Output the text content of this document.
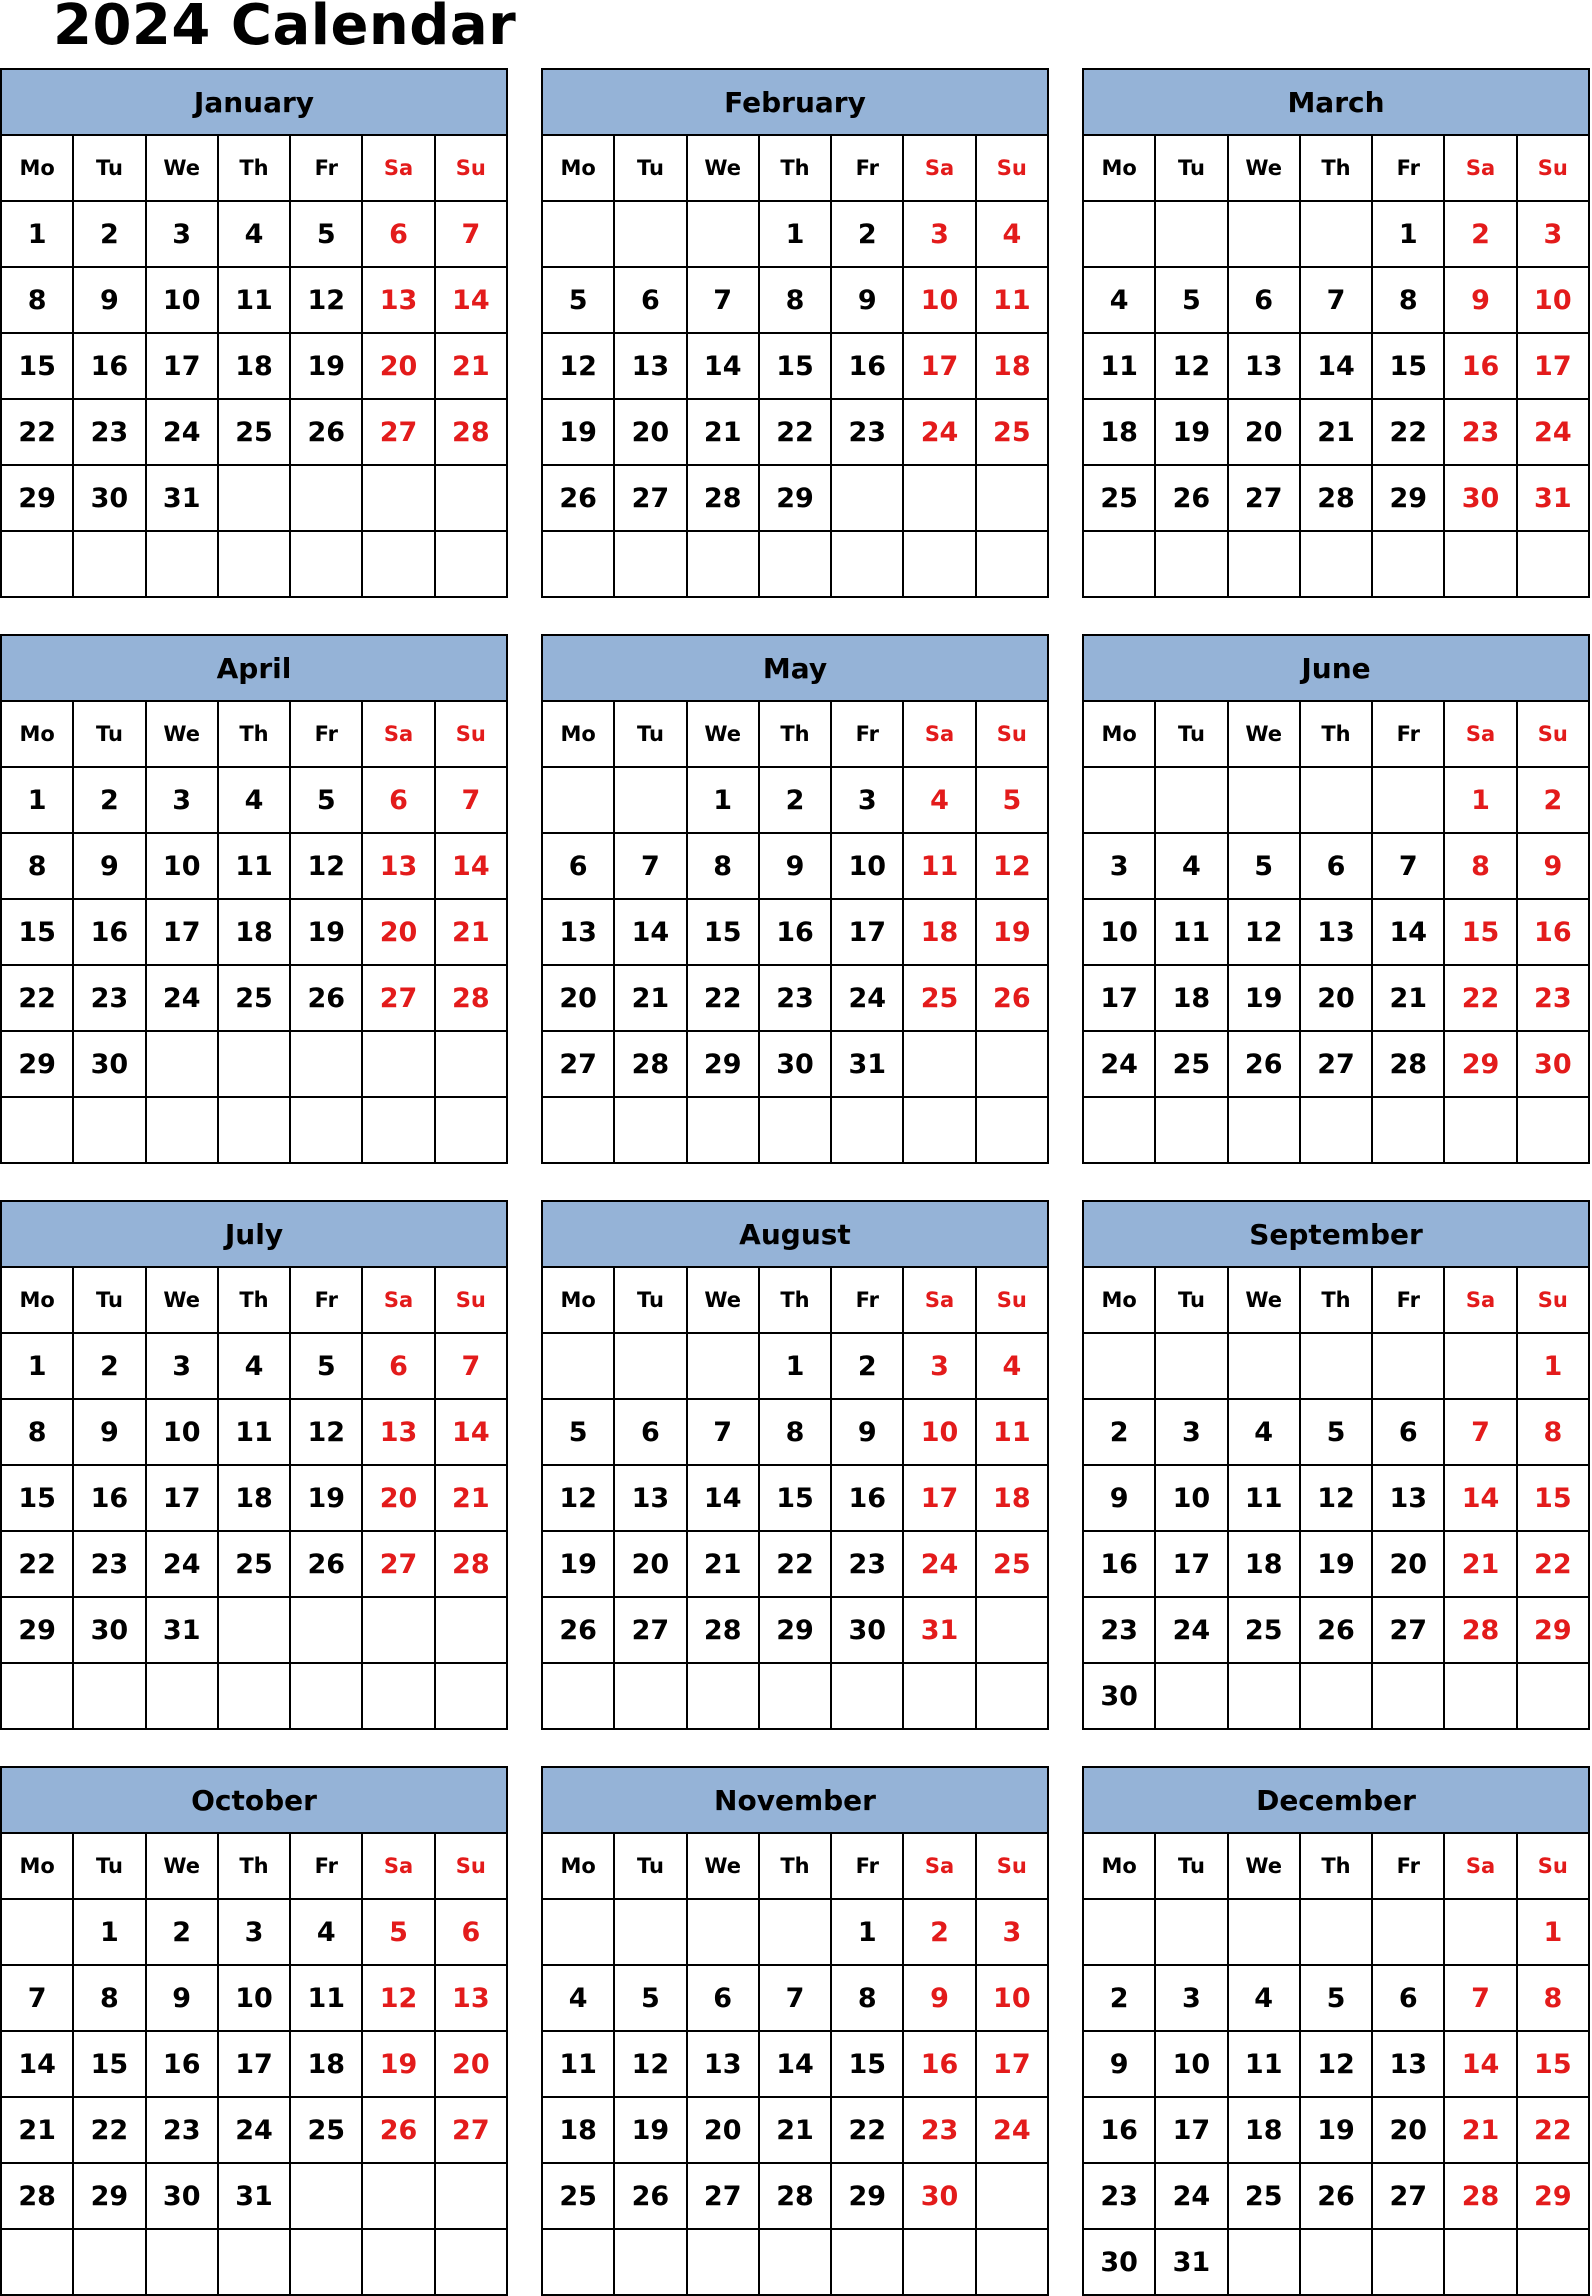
2024 Calendar
January						
Mo	Tu	We	Th	Fr	Sa	Su
1	2	3	4	5	6	7
8	9	10	11	12	13	14
15	16	17	18	19	20	21
22	23	24	25	26	27	28
29	30	31				

February						
Mo	Tu	We	Th	Fr	Sa	Su
			1	2	3	4
5	6	7	8	9	10	11
12	13	14	15	16	17	18
19	20	21	22	23	24	25
26	27	28	29			

March						
Mo	Tu	We	Th	Fr	Sa	Su
				1	2	3
4	5	6	7	8	9	10
11	12	13	14	15	16	17
18	19	20	21	22	23	24
25	26	27	28	29	30	31

April						
Mo	Tu	We	Th	Fr	Sa	Su
1	2	3	4	5	6	7
8	9	10	11	12	13	14
15	16	17	18	19	20	21
22	23	24	25	26	27	28
29	30					

May						
Mo	Tu	We	Th	Fr	Sa	Su
		1	2	3	4	5
6	7	8	9	10	11	12
13	14	15	16	17	18	19
20	21	22	23	24	25	26
27	28	29	30	31		

June						
Mo	Tu	We	Th	Fr	Sa	Su
					1	2
3	4	5	6	7	8	9
10	11	12	13	14	15	16
17	18	19	20	21	22	23
24	25	26	27	28	29	30

July						
Mo	Tu	We	Th	Fr	Sa	Su
1	2	3	4	5	6	7
8	9	10	11	12	13	14
15	16	17	18	19	20	21
22	23	24	25	26	27	28
29	30	31				

August						
Mo	Tu	We	Th	Fr	Sa	Su
			1	2	3	4
5	6	7	8	9	10	11
12	13	14	15	16	17	18
19	20	21	22	23	24	25
26	27	28	29	30	31	

September						
Mo	Tu	We	Th	Fr	Sa	Su
						1
2	3	4	5	6	7	8
9	10	11	12	13	14	15
16	17	18	19	20	21	22
23	24	25	26	27	28	29
30						
October						
Mo	Tu	We	Th	Fr	Sa	Su
	1	2	3	4	5	6
7	8	9	10	11	12	13
14	15	16	17	18	19	20
21	22	23	24	25	26	27
28	29	30	31			

November						
Mo	Tu	We	Th	Fr	Sa	Su
				1	2	3
4	5	6	7	8	9	10
11	12	13	14	15	16	17
18	19	20	21	22	23	24
25	26	27	28	29	30	

December						
Mo	Tu	We	Th	Fr	Sa	Su
						1
2	3	4	5	6	7	8
9	10	11	12	13	14	15
16	17	18	19	20	21	22
23	24	25	26	27	28	29
30	31					
